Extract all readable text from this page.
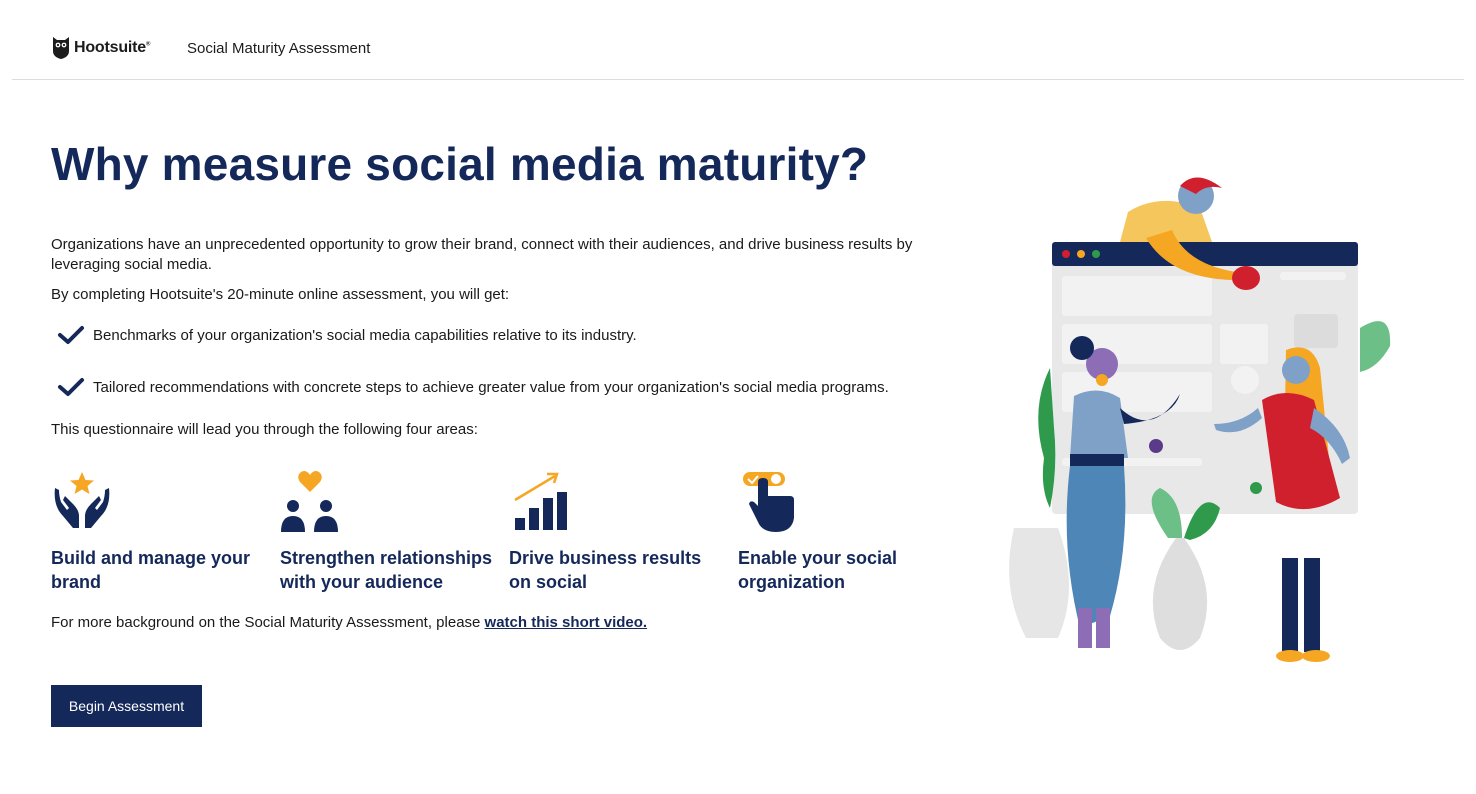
Hootsuite® Social Maturity Assessment
Why measure social media maturity?

Organizations have an unprecedented opportunity to grow their brand, connect with their audiences, and drive business results by leveraging social media.

By completing Hootsuite's 20-minute online assessment, you will get:

Benchmarks of your organization's social media capabilities relative to its industry.
Tailored recommendations with concrete steps to achieve greater value from your organization's social media programs.

This questionnaire will lead you through the following four areas:

Build and manage your brand
Strengthen relationships with your audience
Drive business results on social
Enable your social organization

For more background on the Social Maturity Assessment, please watch this short video.

Begin Assessment
